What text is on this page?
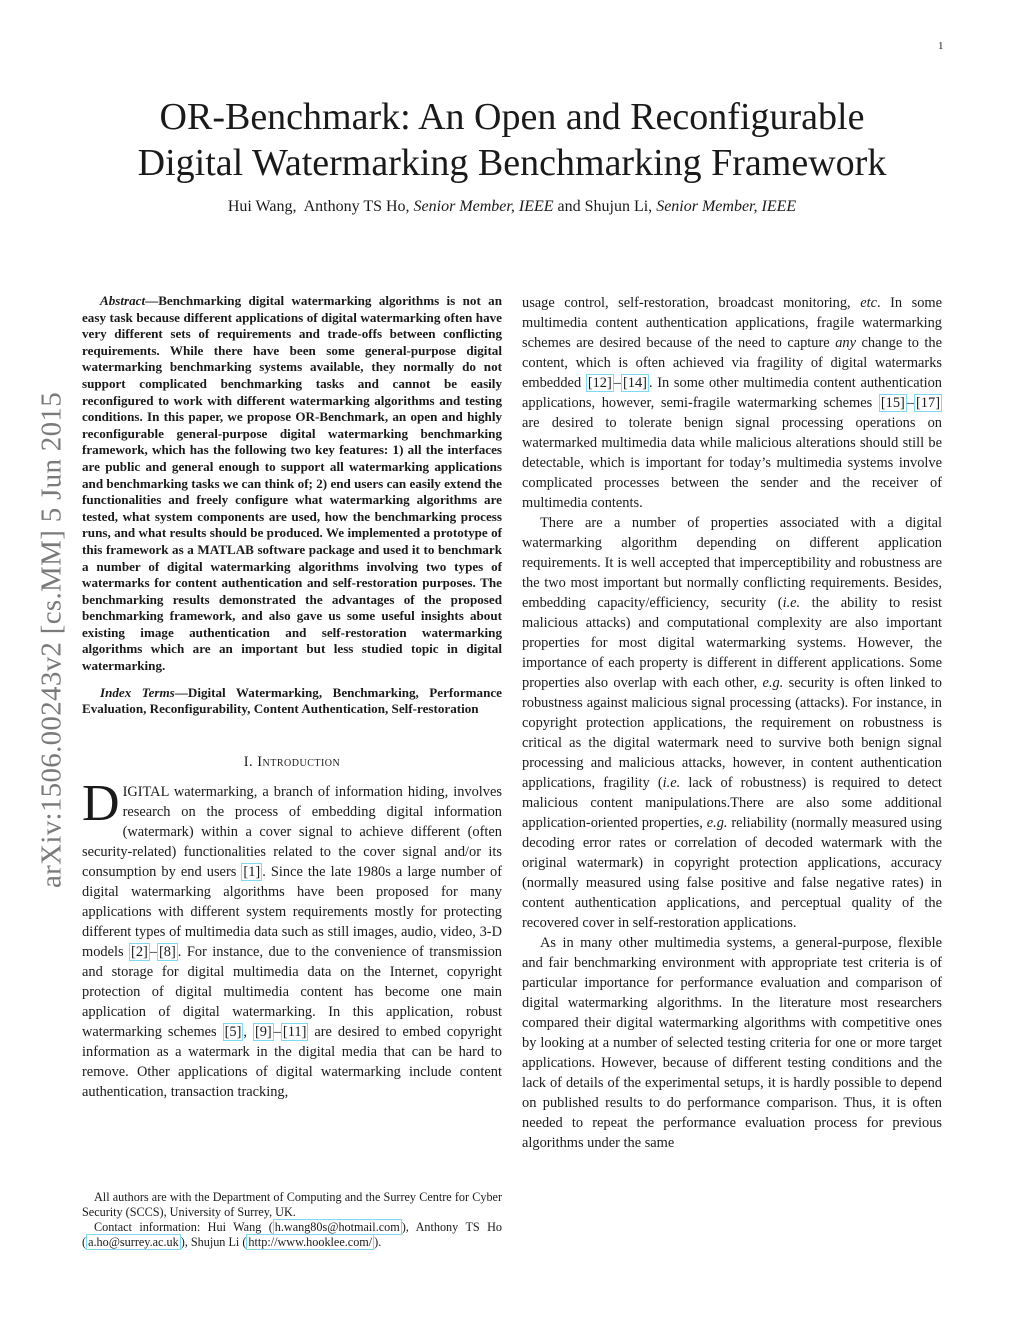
1
arXiv:1506.00243v2 [cs.MM] 5 Jun 2015
OR-Benchmark: An Open and Reconfigurable
Digital Watermarking Benchmarking Framework
Hui Wang, Anthony TS Ho, Senior Member, IEEE and Shujun Li, Senior Member, IEEE

Abstract—Benchmarking digital watermarking algorithms is not an easy task because different applications of digital watermarking often have very different sets of requirements and trade-offs between conflicting requirements. While there have been some general-purpose digital watermarking benchmarking systems available, they normally do not support complicated benchmarking tasks and cannot be easily reconfigured to work with different watermarking algorithms and testing conditions. In this paper, we propose OR-Benchmark, an open and highly reconfigurable general-purpose digital watermarking benchmarking framework, which has the following two key features: 1) all the interfaces are public and general enough to support all watermarking applications and benchmarking tasks we can think of; 2) end users can easily extend the functionalities and freely configure what watermarking algorithms are tested, what system components are used, how the benchmarking process runs, and what results should be produced. We implemented a prototype of this framework as a MATLAB software package and used it to benchmark a number of digital watermarking algorithms involving two types of watermarks for content authentication and self-restoration purposes. The benchmarking results demonstrated the advantages of the proposed benchmarking framework, and also gave us some useful insights about existing image authentication and self-restoration watermarking algorithms which are an important but less studied topic in digital watermarking.

Index Terms—Digital Watermarking, Benchmarking, Performance Evaluation, Reconfigurability, Content Authentication, Self-restoration

I. Introduction

DIGITAL watermarking, a branch of information hiding, involves research on the process of embedding digital information (watermark) within a cover signal to achieve different (often security-related) functionalities related to the cover signal and/or its consumption by end users [1] . Since the late 1980s a large number of digital watermarking algorithms have been proposed for many applications with different system requirements mostly for protecting different types of multimedia data such as still images, audio, video, 3-D models [2] – [8] . For instance, due to the convenience of transmission and storage for digital multimedia data on the Internet, copyright protection of digital multimedia content has become one main application of digital watermarking. In this application, robust watermarking schemes [5] , [9] – [11] are desired to embed copyright information as a watermark in the digital media that can be hard to remove. Other applications of digital watermarking include content authentication, transaction tracking,

usage control, self-restoration, broadcast monitoring, etc. In some multimedia content authentication applications, fragile watermarking schemes are desired because of the need to capture any change to the content, which is often achieved via fragility of digital watermarks embedded [12] – [14] . In some other multimedia content authentication applications, however, semi-fragile watermarking schemes [15] – [17] are desired to tolerate benign signal processing operations on watermarked multimedia data while malicious alterations should still be detectable, which is important for today’s multimedia systems involve complicated processes between the sender and the receiver of multimedia contents.

There are a number of properties associated with a digital watermarking algorithm depending on different application requirements. It is well accepted that imperceptibility and robustness are the two most important but normally conflicting requirements. Besides, embedding capacity/efficiency, security (i.e. the ability to resist malicious attacks) and computational complexity are also important properties for most digital watermarking systems. However, the importance of each property is different in different applications. Some properties also overlap with each other, e.g. security is often linked to robustness against malicious signal processing (attacks). For instance, in copyright protection applications, the requirement on robustness is critical as the digital watermark need to survive both benign signal processing and malicious attacks, however, in content authentication applications, fragility (i.e. lack of robustness) is required to detect malicious content manipulations.There are also some additional application-oriented properties, e.g. reliability (normally measured using decoding error rates or correlation of decoded watermark with the original watermark) in copyright protection applications, accuracy (normally measured using false positive and false negative rates) in content authentication applications, and perceptual quality of the recovered cover in self-restoration applications.

As in many other multimedia systems, a general-purpose, flexible and fair benchmarking environment with appropriate test criteria is of particular importance for performance evaluation and comparison of digital watermarking algorithms. In the literature most researchers compared their digital watermarking algorithms with competitive ones by looking at a number of selected testing criteria for one or more target applications. However, because of different testing conditions and the lack of details of the experimental setups, it is hardly possible to depend on published results to do performance comparison. Thus, it is often needed to repeat the performance evaluation process for previous algorithms under the same

All authors are with the Department of Computing and the Surrey Centre for Cyber Security (SCCS), University of Surrey, UK.

Contact information: Hui Wang ( h.wang80s@hotmail.com ), Anthony TS Ho ( a.ho@surrey.ac.uk ), Shujun Li ( http://www.hooklee.com/ ).
